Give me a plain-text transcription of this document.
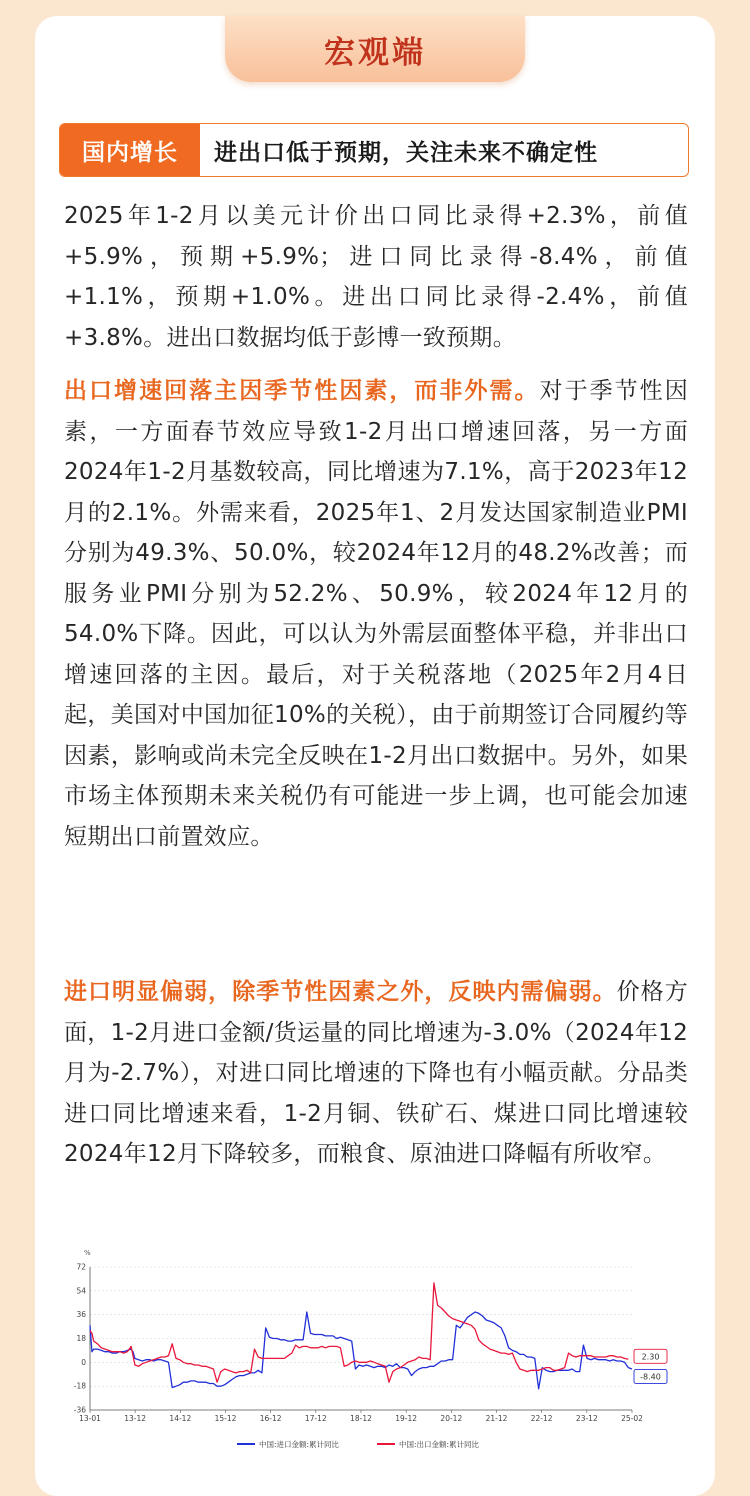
宏观端
国内增长	进出口低于预期，关注未来不确定性

2025年1-2月以美元计价出口同比录得+2.3%，前值+5.9%，预期+5.9%；进口同比录得-8.4%，前值+1.1%，预期+1.0%。进出口同比录得-2.4%，前值+3.8%。进出口数据均低于彭博一致预期。

出口增速回落主因季节性因素，而非外需。对于季节性因素，一方面春节效应导致1-2月出口增速回落，另一方面2024年1-2月基数较高，同比增速为7.1%，高于2023年12月的2.1%。外需来看，2025年1、2月发达国家制造业PMI分别为49.3%、50.0%，较2024年12月的48.2%改善；而服务业PMI分别为52.2%、50.9%，较2024年12月的54.0%下降。因此，可以认为外需层面整体平稳，并非出口增速回落的主因。最后，对于关税落地（2025年2月4日起，美国对中国加征10%的关税），由于前期签订合同履约等因素，影响或尚未完全反映在1-2月出口数据中。另外，如果市场主体预期未来关税仍有可能进一步上调，也可能会加速短期出口前置效应。

进口明显偏弱，除季节性因素之外，反映内需偏弱。价格方面，1-2月进口金额/货运量的同比增速为-3.0%（2024年12月为-2.7%），对进口同比增速的下降也有小幅贡献。分品类进口同比增速来看，1-2月铜、铁矿石、煤进口同比增速较2024年12月下降较多，而粮食、原油进口降幅有所收窄。

%
-36
-18
0
18
36
54
72
13-01	13-12	14-12	15-12	16-12	17-12	18-12	19-12	20-12	21-12	22-12	23-12	25-02
2.30
-8.40
中国:进口金额:累计同比	中国:出口金额:累计同比
